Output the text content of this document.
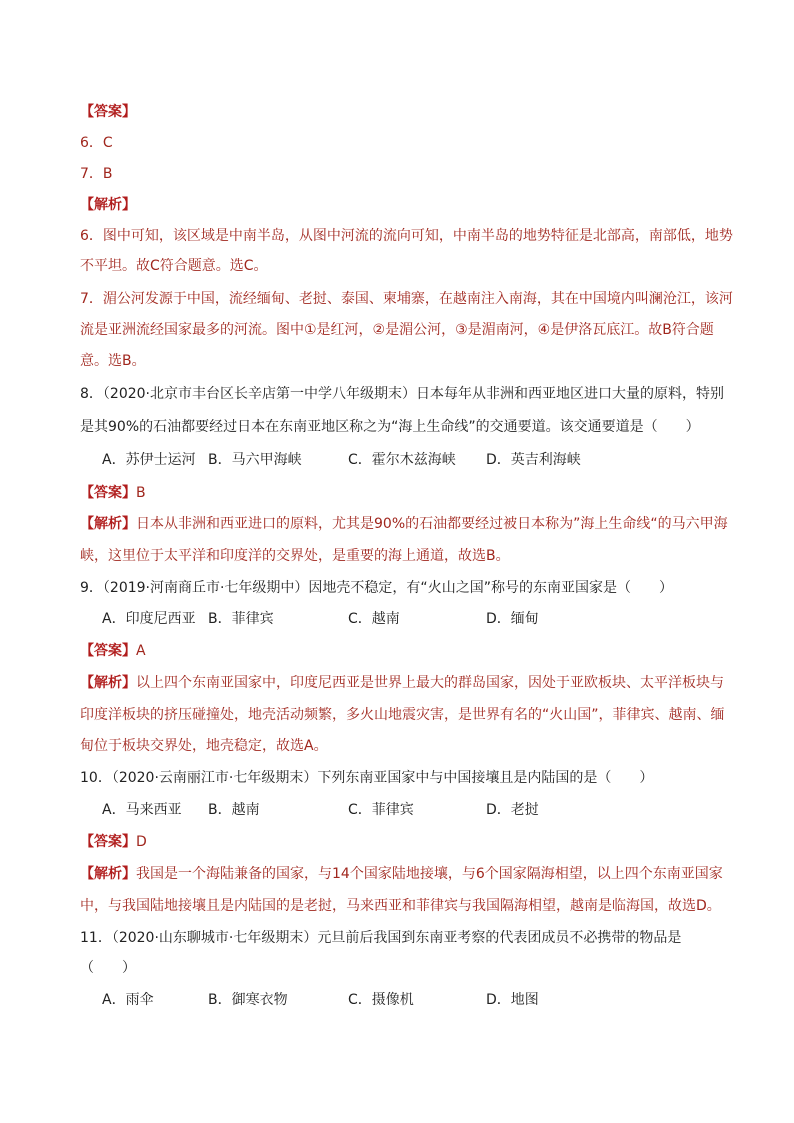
【答案】
6．C
7．B
【解析】
6．图中可知，该区域是中南半岛，从图中河流的流向可知，中南半岛的地势特征是北部高，南部低，地势
不平坦。故C符合题意。选C。
7．湄公河发源于中国，流经缅甸、老挝、泰国、柬埔寨，在越南注入南海，其在中国境内叫澜沧江，该河
流是亚洲流经国家最多的河流。图中①是红河，②是湄公河，③是湄南河，④是伊洛瓦底江。故B符合题
意。选B。
8．（2020·北京市丰台区长辛店第一中学八年级期末）日本每年从非洲和西亚地区进口大量的原料，特别
是其90%的石油都要经过日本在东南亚地区称之为“海上生命线”的交通要道。该交通要道是（　　）
A．苏伊士运河 B．马六甲海峡	C．霍尔木兹海峡 D．英吉利海峡
【答案】B
【解析】日本从非洲和西亚进口的原料，尤其是90%的石油都要经过被日本称为”海上生命线“的马六甲海
峡，这里位于太平洋和印度洋的交界处，是重要的海上通道，故选B。
9．（2019·河南商丘市·七年级期中）因地壳不稳定，有“火山之国”称号的东南亚国家是（　　）
A．印度尼西亚 B．菲律宾	C．越南	D．缅甸
【答案】A
【解析】以上四个东南亚国家中，印度尼西亚是世界上最大的群岛国家，因处于亚欧板块、太平洋板块与
印度洋板块的挤压碰撞处，地壳活动频繁，多火山地震灾害，是世界有名的“火山国”，菲律宾、越南、缅
甸位于板块交界处，地壳稳定，故选A。
10．（2020·云南丽江市·七年级期末）下列东南亚国家中与中国接壤且是内陆国的是（　　）
A．马来西亚 B．越南	C．菲律宾	D．老挝
【答案】D
【解析】我国是一个海陆兼备的国家，与14个国家陆地接壤，与6个国家隔海相望，以上四个东南亚国家
中，与我国陆地接壤且是内陆国的是老挝，马来西亚和菲律宾与我国隔海相望，越南是临海国，故选D。
11．（2020·山东聊城市·七年级期末）元旦前后我国到东南亚考察的代表团成员不必携带的物品是
（　　）
A．雨伞	B．御寒衣物	C．摄像机	D．地图
